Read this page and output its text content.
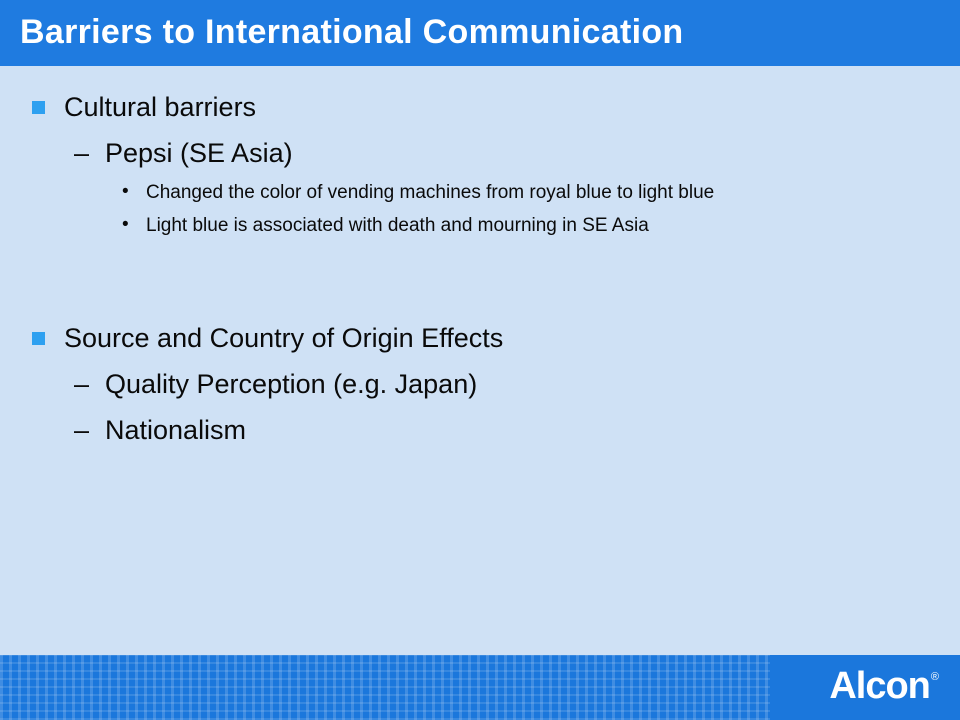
Barriers to International Communication
Cultural barriers
– Pepsi (SE Asia)
• Changed the color of vending machines from royal blue to light blue
• Light blue is associated with death and mourning in SE Asia
Source and Country of Origin Effects
– Quality Perception (e.g. Japan)
– Nationalism
Alcon®
